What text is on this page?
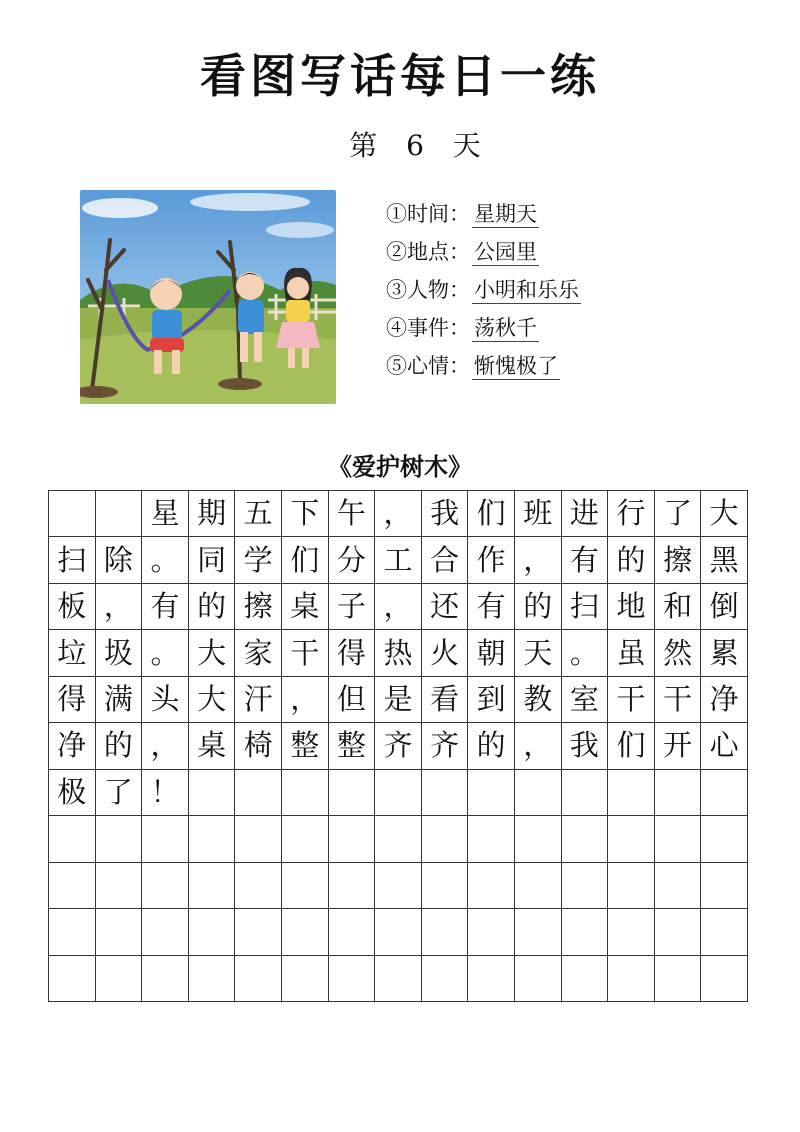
看图写话每日一练
第 6 天
①时间： 星期天
②地点： 公园里
③人物： 小明和乐乐
④事件： 荡秋千
⑤心情： 惭愧极了
《爱护树木》
星 期 五 下 午 ， 我 们 班 进 行 了 大
扫 除 。 同 学 们 分 工 合 作 ， 有 的 擦 黑
板 ， 有 的 擦 桌 子 ， 还 有 的 扫 地 和 倒
垃 圾 。 大 家 干 得 热 火 朝 天 。 虽 然 累
得 满 头 大 汗 ， 但 是 看 到 教 室 干 干 净
净 的 ， 桌 椅 整 整 齐 齐 的 ， 我 们 开 心
极 了 ！
